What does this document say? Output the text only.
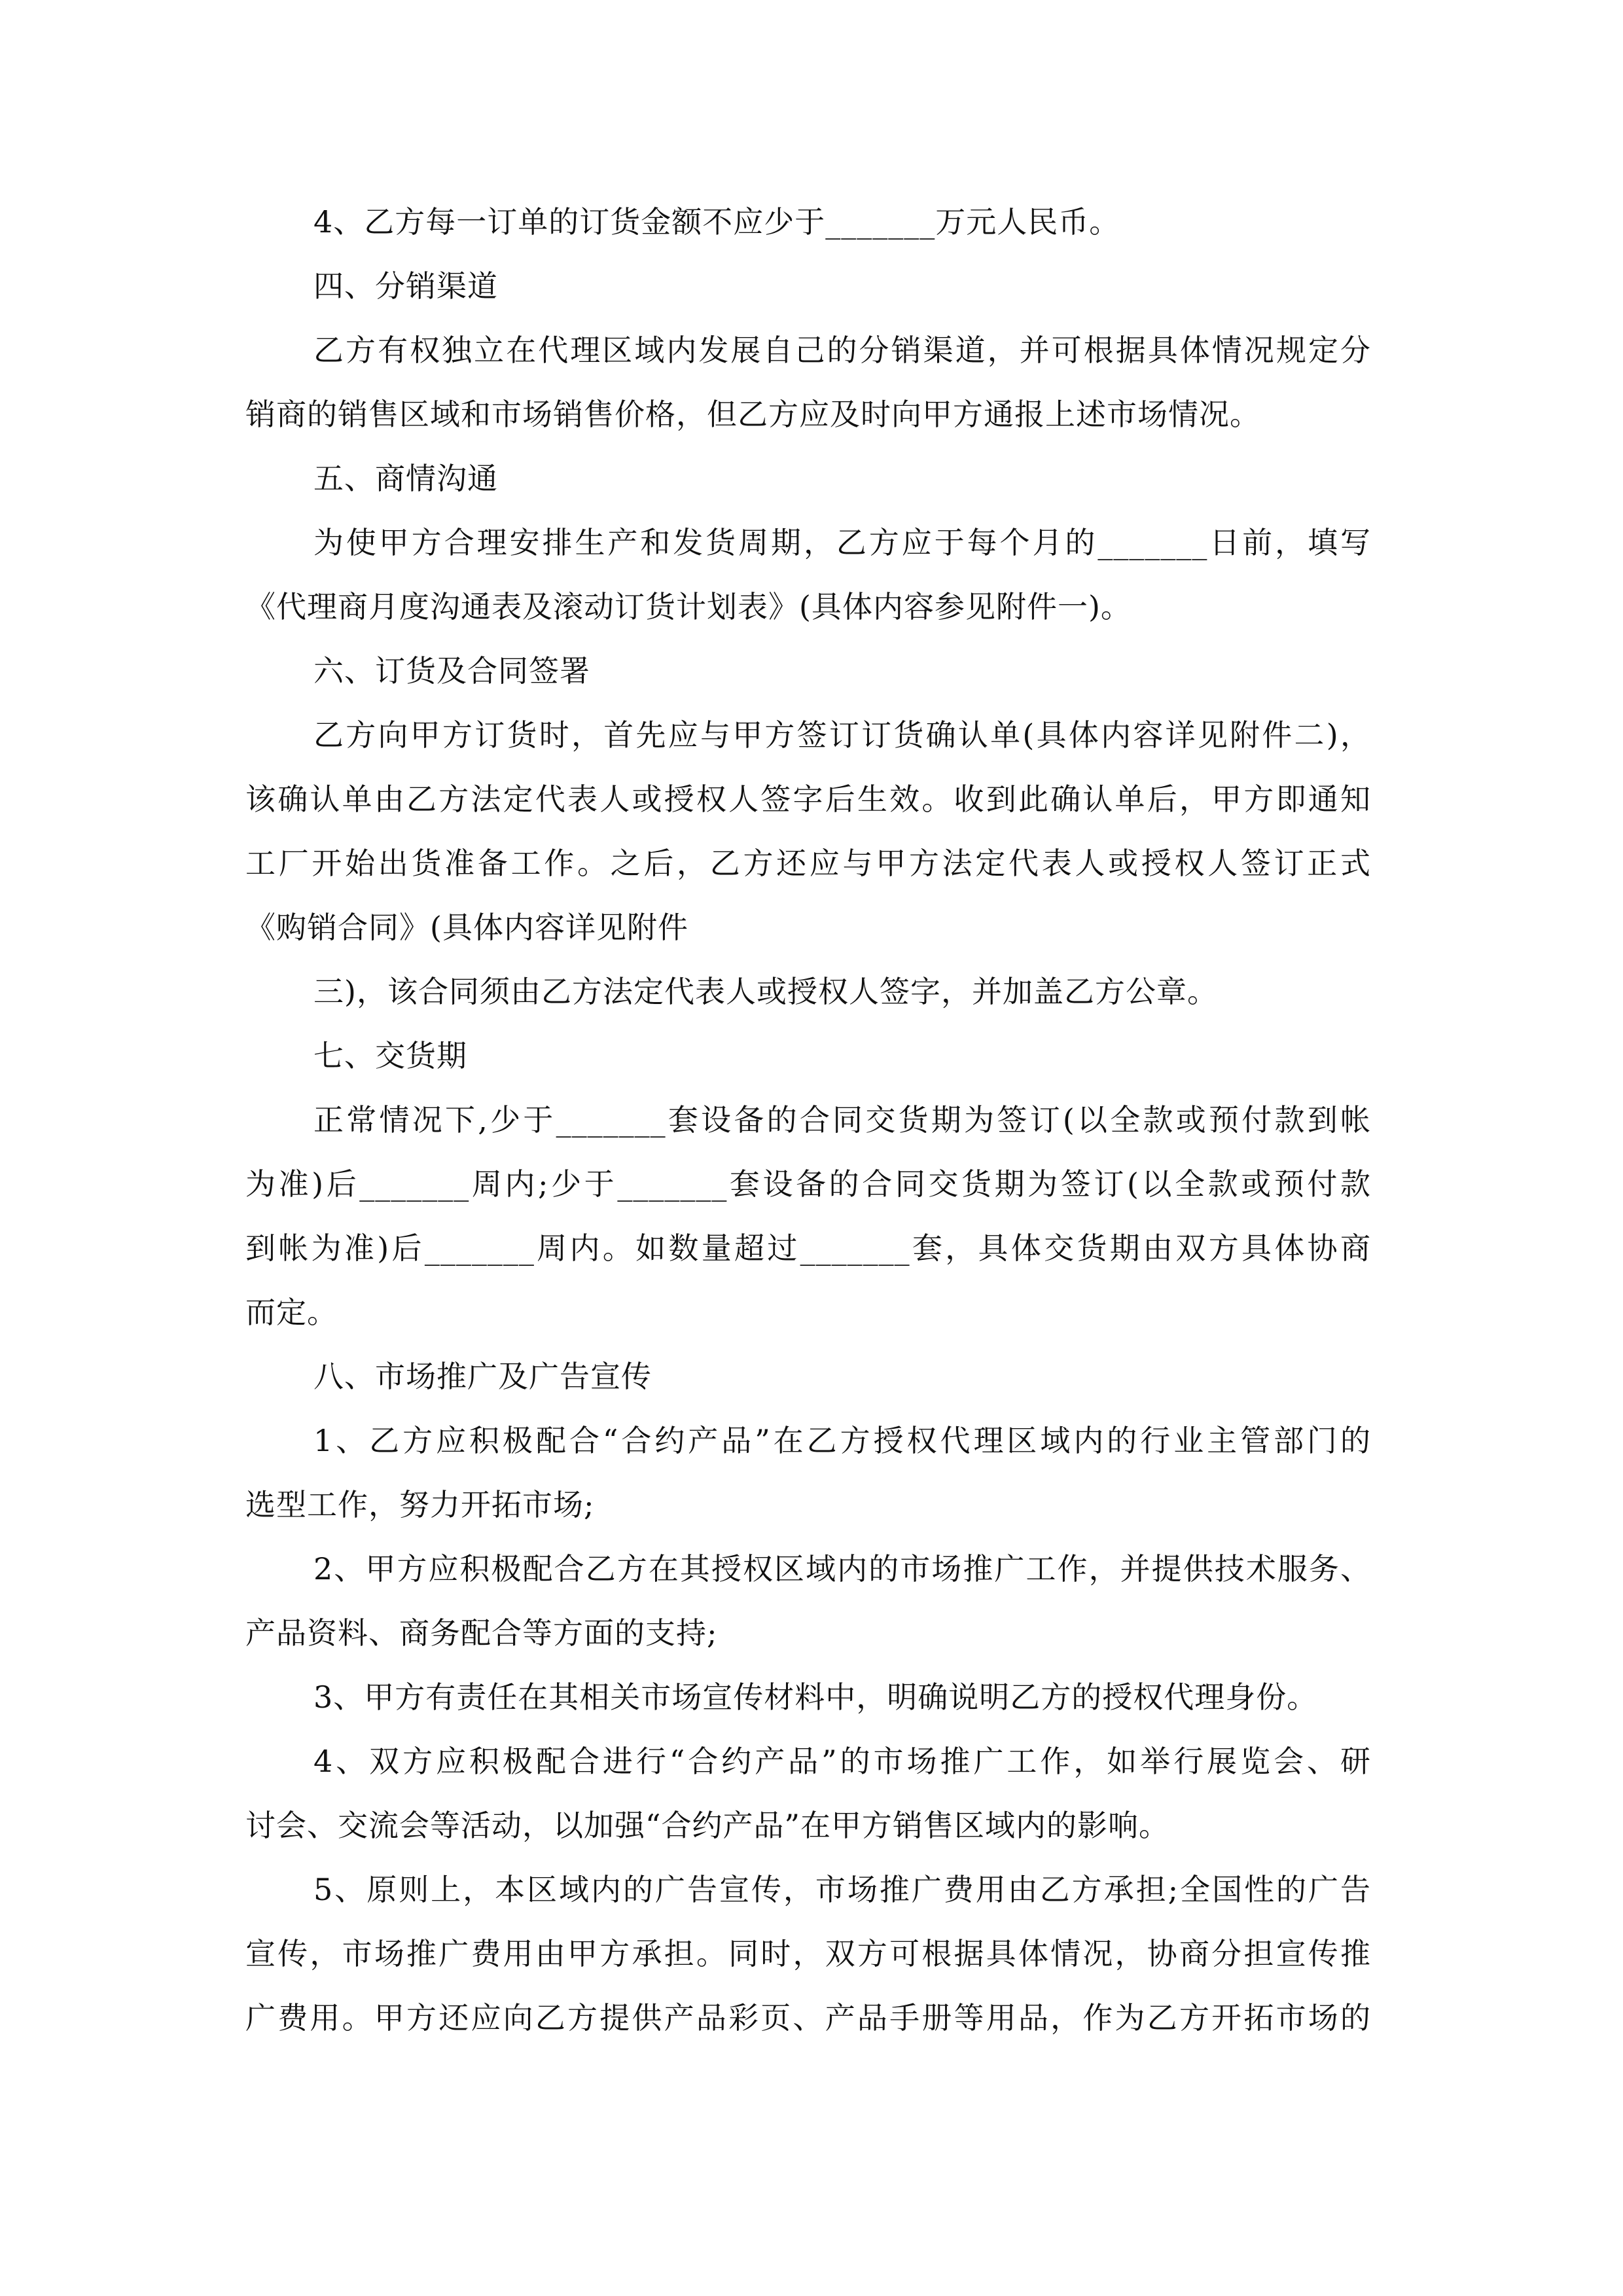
4、乙方每一订单的订货金额不应少于_______万元人民币。
四、分销渠道
乙方有权独立在代理区域内发展自己的分销渠道，并可根据具体情况规定分
销商的销售区域和市场销售价格，但乙方应及时向甲方通报上述市场情况。
五、商情沟通
为使甲方合理安排生产和发货周期，乙方应于每个月的_______日前，填写
《代理商月度沟通表及滚动订货计划表》(具体内容参见附件一)。
六、订货及合同签署
乙方向甲方订货时，首先应与甲方签订订货确认单(具体内容详见附件二)，
该确认单由乙方法定代表人或授权人签字后生效。收到此确认单后，甲方即通知
工厂开始出货准备工作。之后，乙方还应与甲方法定代表人或授权人签订正式
《购销合同》(具体内容详见附件
三)，该合同须由乙方法定代表人或授权人签字，并加盖乙方公章。
七、交货期
正常情况下,少于_______套设备的合同交货期为签订(以全款或预付款到帐
为准)后_______周内;少于_______套设备的合同交货期为签订(以全款或预付款
到帐为准)后_______周内。如数量超过_______套，具体交货期由双方具体协商
而定。
八、市场推广及广告宣传
1、乙方应积极配合“合约产品”在乙方授权代理区域内的行业主管部门的
选型工作，努力开拓市场;
2、甲方应积极配合乙方在其授权区域内的市场推广工作，并提供技术服务、
产品资料、商务配合等方面的支持;
3、甲方有责任在其相关市场宣传材料中，明确说明乙方的授权代理身份。
4、双方应积极配合进行“合约产品”的市场推广工作，如举行展览会、研
讨会、交流会等活动，以加强“合约产品”在甲方销售区域内的影响。
5、原则上，本区域内的广告宣传，市场推广费用由乙方承担;全国性的广告
宣传，市场推广费用由甲方承担。同时，双方可根据具体情况，协商分担宣传推
广费用。甲方还应向乙方提供产品彩页、产品手册等用品，作为乙方开拓市场的
